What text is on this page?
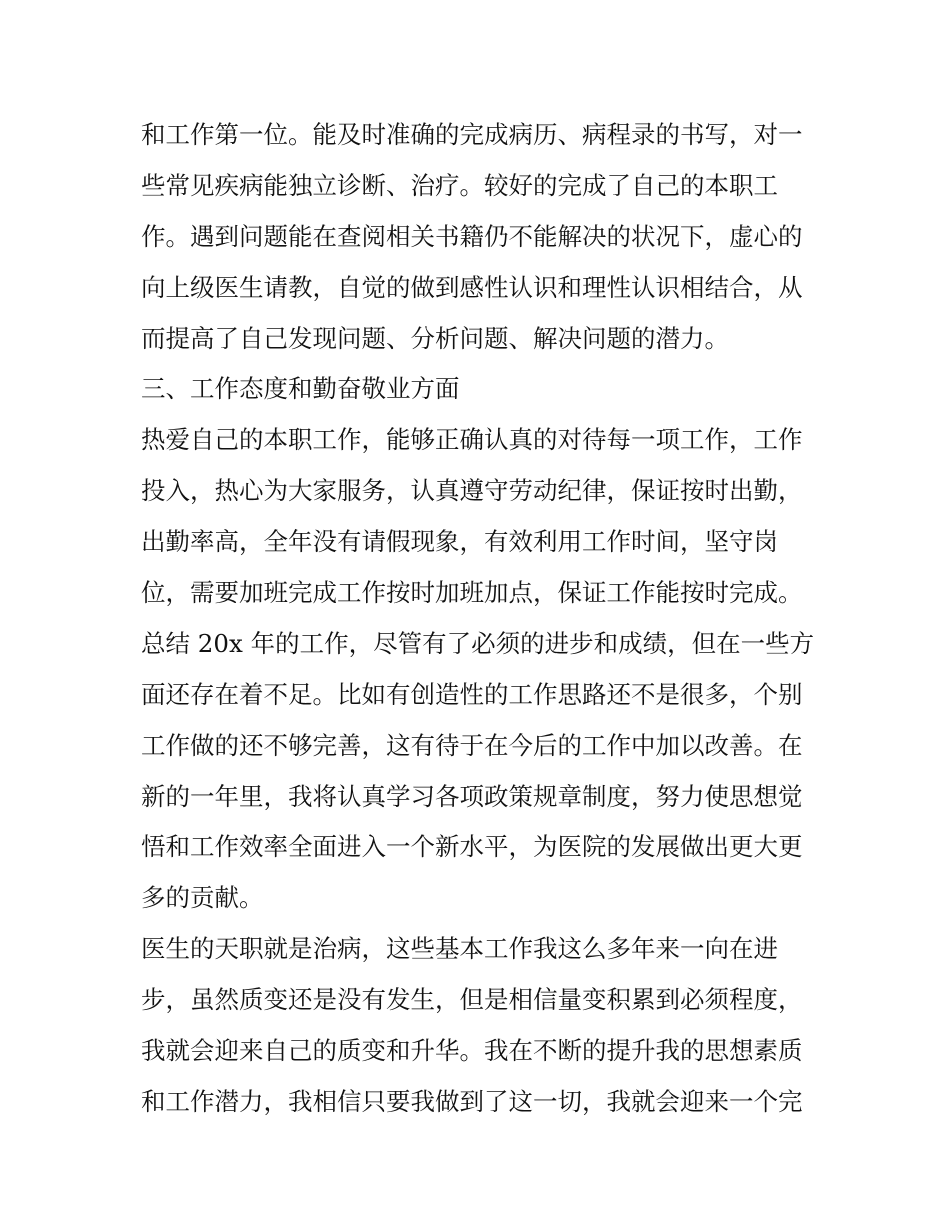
和工作第一位。能及时准确的完成病历、病程录的书写，对一
些常见疾病能独立诊断、治疗。较好的完成了自己的本职工
作。遇到问题能在查阅相关书籍仍不能解决的状况下，虚心的
向上级医生请教，自觉的做到感性认识和理性认识相结合，从
而提高了自己发现问题、分析问题、解决问题的潜力。
三、工作态度和勤奋敬业方面
热爱自己的本职工作，能够正确认真的对待每一项工作，工作
投入，热心为大家服务，认真遵守劳动纪律，保证按时出勤，
出勤率高，全年没有请假现象，有效利用工作时间，坚守岗
位，需要加班完成工作按时加班加点，保证工作能按时完成。
总结 20x 年的工作，尽管有了必须的进步和成绩，但在一些方
面还存在着不足。比如有创造性的工作思路还不是很多，个别
工作做的还不够完善，这有待于在今后的工作中加以改善。在
新的一年里，我将认真学习各项政策规章制度，努力使思想觉
悟和工作效率全面进入一个新水平，为医院的发展做出更大更
多的贡献。
医生的天职就是治病，这些基本工作我这么多年来一向在进
步，虽然质变还是没有发生，但是相信量变积累到必须程度，
我就会迎来自己的质变和升华。我在不断的提升我的思想素质
和工作潜力，我相信只要我做到了这一切，我就会迎来一个完
